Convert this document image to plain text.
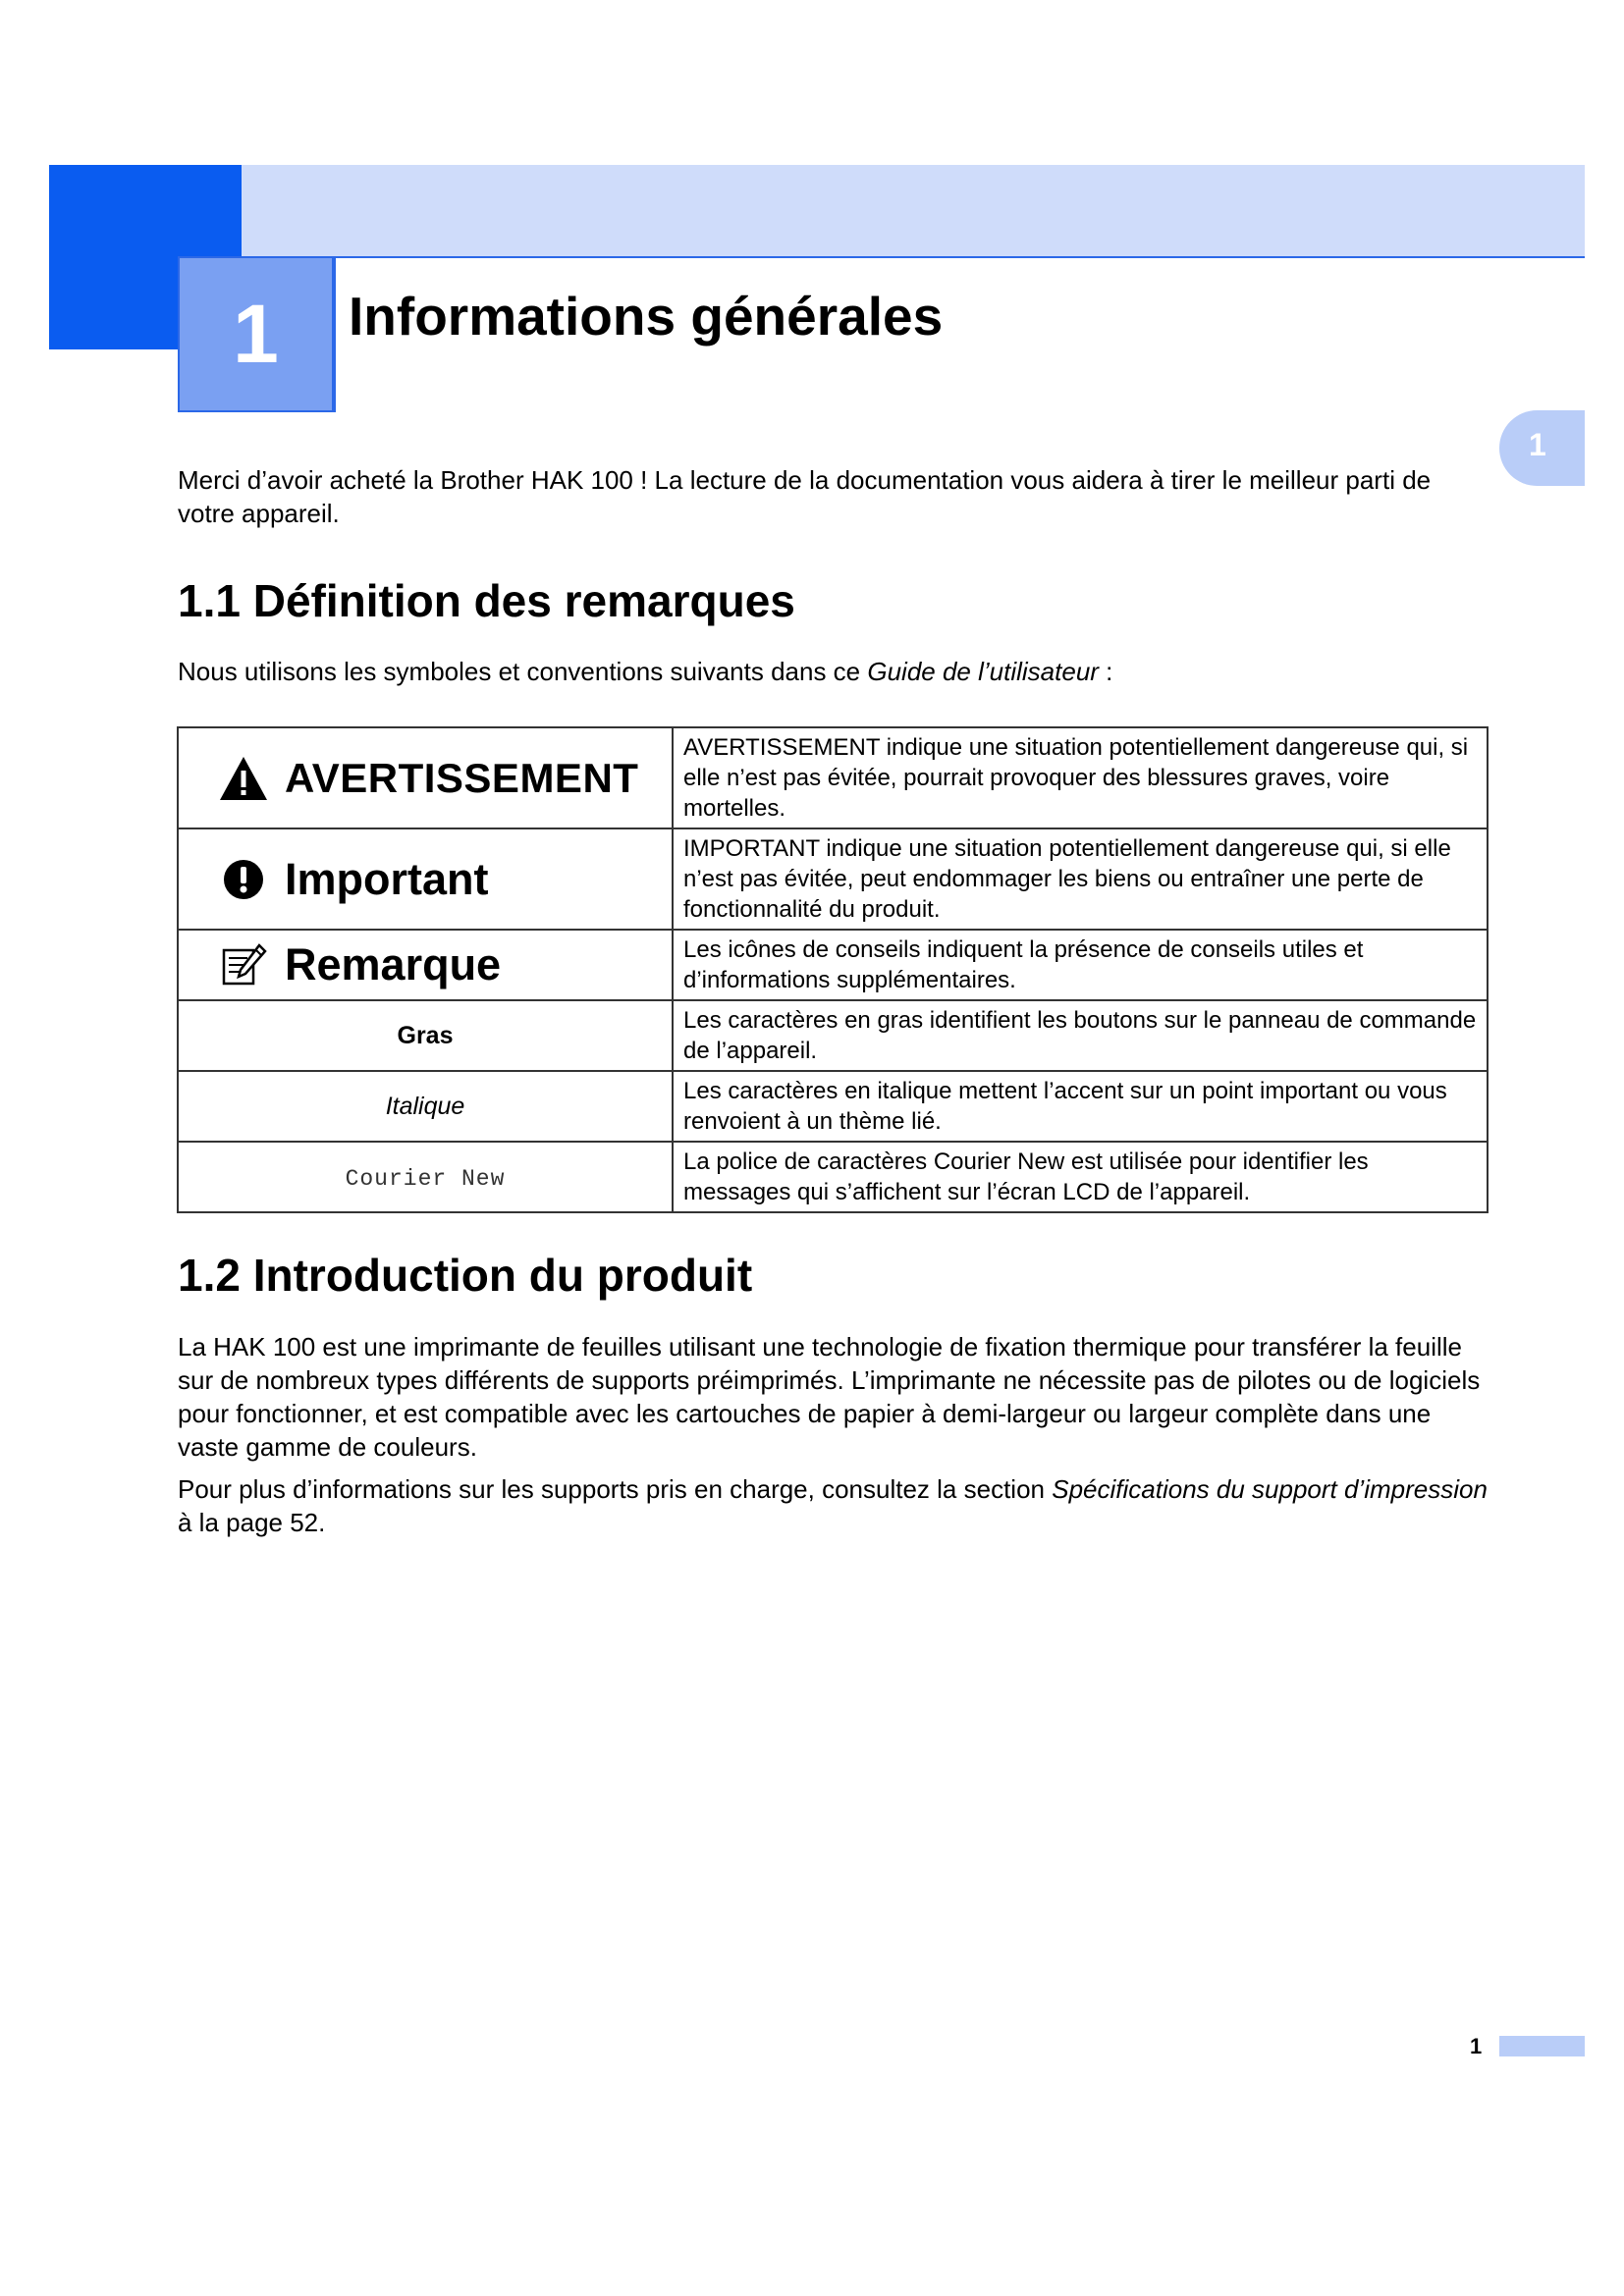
1	Informations générales
1
Merci d’avoir acheté la Brother HAK 100 ! La lecture de la documentation vous aidera à tirer le meilleur parti de votre appareil.
1.1 Définition des remarques
Nous utilisons les symboles et conventions suivants dans ce Guide de l’utilisateur :
AVERTISSEMENT	AVERTISSEMENT indique une situation potentiellement dangereuse qui, si elle n’est pas évitée, pourrait provoquer des blessures graves, voire mortelles.

Important	IMPORTANT indique une situation potentiellement dangereuse qui, si elle n’est pas évitée, peut endommager les biens ou entraîner une perte de fonctionnalité du produit.

Remarque	Les icônes de conseils indiquent la présence de conseils utiles et d’informations supplémentaires.
Gras	Les caractères en gras identifient les boutons sur le panneau de commande de l’appareil.
Italique	Les caractères en italique mettent l’accent sur un point important ou vous renvoient à un thème lié.
Courier New	La police de caractères Courier New est utilisée pour identifier les messages qui s’affichent sur l’écran LCD de l’appareil.
1.2 Introduction du produit
La HAK 100 est une imprimante de feuilles utilisant une technologie de fixation thermique pour transférer la feuille sur de nombreux types différents de supports préimprimés. L’imprimante ne nécessite pas de pilotes ou de logiciels pour fonctionner, et est compatible avec les cartouches de papier à demi-largeur ou largeur complète dans une vaste gamme de couleurs.
Pour plus d’informations sur les supports pris en charge, consultez la section Spécifications du support d’impression à la page 52.
1
